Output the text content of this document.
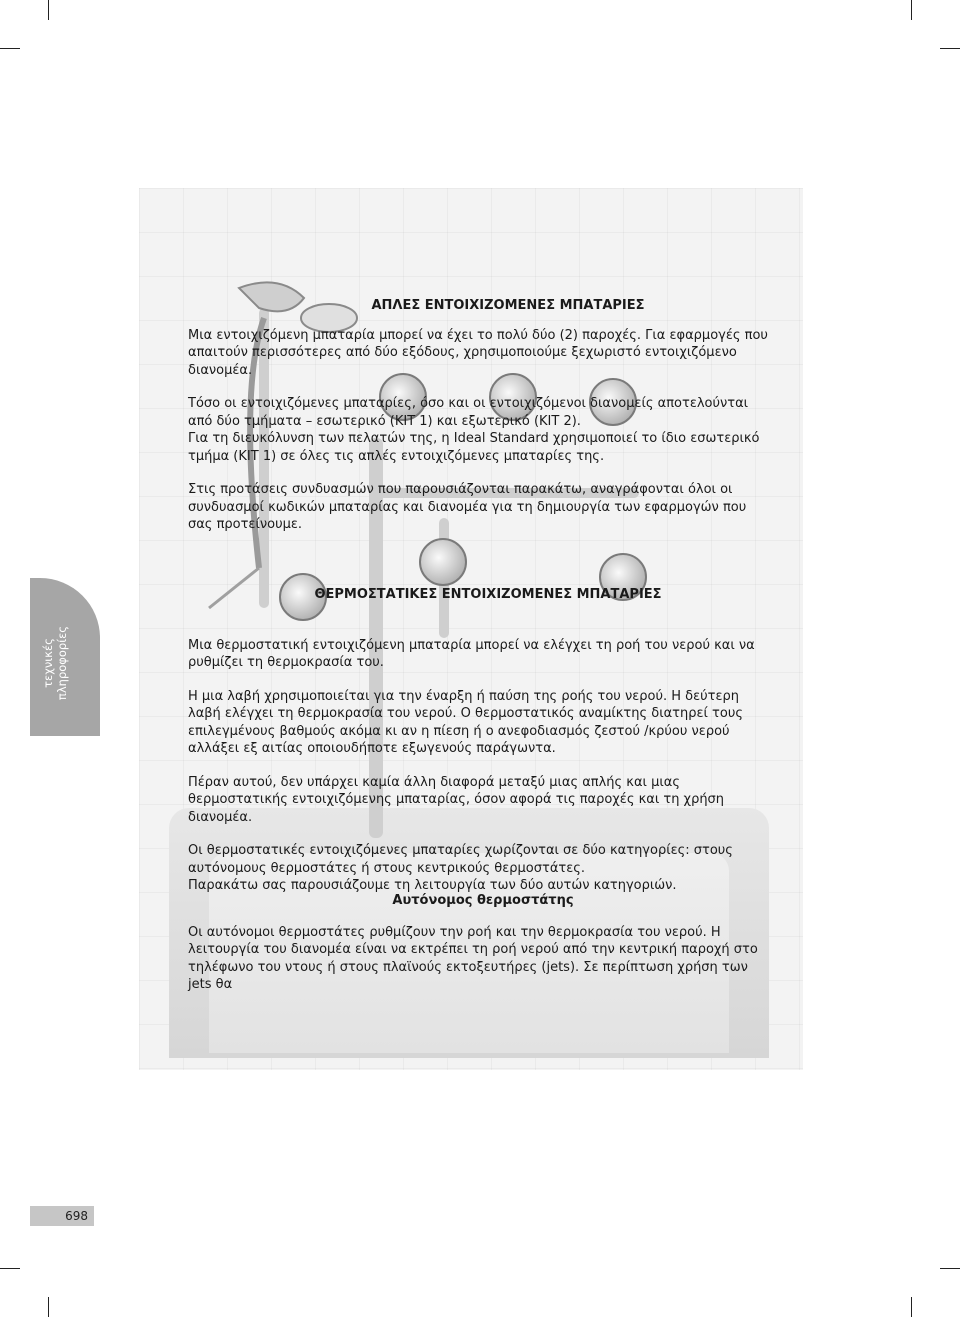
τεχνικές πληροφορίες
698

ΑΠΛΕΣ ΕΝΤΟΙΧΙΖΟΜΕΝΕΣ ΜΠΑΤΑΡΙΕΣ

Μια εντοιχιζόμενη μπαταρία μπορεί να έχει το πολύ δύο (2) παροχές. Για εφαρμογές που απαιτούν περισσότερες από δύο εξόδους, χρησιμοποιούμε ξεχωριστό εντοιχιζόμενο διανομέα.

Τόσο οι εντοιχιζόμενες μπαταρίες, όσο και οι εντοιχιζόμενοι διανομείς αποτελούνται από δύο τμήματα – εσωτερικό (KIT 1) και εξωτερικό (KIT 2).

Για τη διευκόλυνση των πελατών της, η Ideal Standard χρησιμοποιεί το ίδιο εσωτερικό τμήμα (KIT 1) σε όλες τις απλές εντοιχιζόμενες μπαταρίες της.

Στις προτάσεις συνδυασμών που παρουσιάζονται παρακάτω, αναγράφονται όλοι οι συνδυασμοί κωδικών μπαταρίας και διανομέα για τη δημιουργία των εφαρμογών που σας προτείνουμε.

ΘΕΡΜΟΣΤΑΤΙΚΕΣ ΕΝΤΟΙΧΙΖΟΜΕΝΕΣ ΜΠΑΤΑΡΙΕΣ

Μια θερμοστατική εντοιχιζόμενη μπαταρία μπορεί να ελέγχει τη ροή του νερού και να ρυθμίζει τη θερμοκρασία του.

Η μια λαβή χρησιμοποιείται για την έναρξη ή παύση της ροής του νερού. Η δεύτερη λαβή ελέγχει τη θερμοκρασία του νερού. Ο θερμοστατικός αναμίκτης διατηρεί τους επιλεγμένους βαθμούς ακόμα κι αν η πίεση ή ο ανεφοδιασμός ζεστού /κρύου νερού αλλάξει εξ αιτίας οποιουδήποτε εξωγενούς παράγωντα.

Πέραν αυτού, δεν υπάρχει καμία άλλη διαφορά μεταξύ μιας απλής και μιας θερμοστατικής εντοιχιζόμενης μπαταρίας, όσον αφορά τις παροχές και τη χρήση διανομέα.

Οι θερμοστατικές εντοιχιζόμενες μπαταρίες χωρίζονται σε δύο κατηγορίες: στους αυτόνομους θερμοστάτες ή στους κεντρικούς θερμοστάτες.

Παρακάτω σας παρουσιάζουμε τη λειτουργία των δύο αυτών κατηγοριών.

Αυτόνομος θερμοστάτης

Οι αυτόνομοι θερμοστάτες ρυθμίζουν την ροή και την θερμοκρασία του νερού. Η λειτουργία του διανομέα είναι να εκτρέπει τη ροή νερού από την κεντρική παροχή στο τηλέφωνο του ντους ή στους πλαϊνούς εκτοξευτήρες (jets). Σε περίπτωση χρήση των jets θα
